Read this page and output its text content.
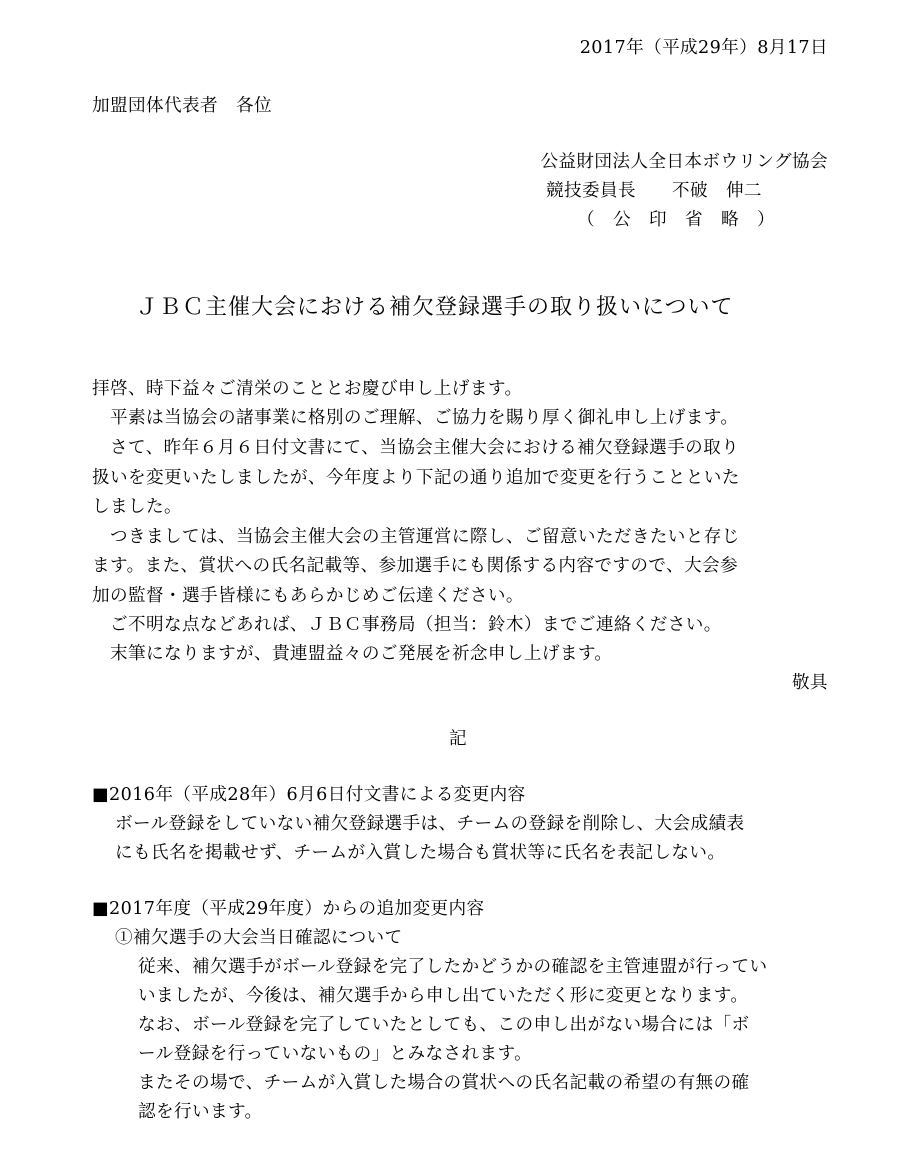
2017年（平成29年）8月17日
加盟団体代表者　各位
公益財団法人全日本ボウリング協会
競技委員長　　不破　伸二
（　公　印　省　略　）
ＪＢＣ主催大会における補欠登録選手の取り扱いについて
拝啓、時下益々ご清栄のこととお慶び申し上げます。
　平素は当協会の諸事業に格別のご理解、ご協力を賜り厚く御礼申し上げます。
　さて、昨年６月６日付文書にて、当協会主催大会における補欠登録選手の取り
扱いを変更いたしましたが、今年度より下記の通り追加で変更を行うことといた
しました。
　つきましては、当協会主催大会の主管運営に際し、ご留意いただきたいと存じ
ます。また、賞状への氏名記載等、参加選手にも関係する内容ですので、大会参
加の監督・選手皆様にもあらかじめご伝達ください。
　ご不明な点などあれば、ＪＢＣ事務局（担当：鈴木）までご連絡ください。
　末筆になりますが、貴連盟益々のご発展を祈念申し上げます。
敬具
記
■2016年（平成28年）6月6日付文書による変更内容
ボール登録をしていない補欠登録選手は、チームの登録を削除し、大会成績表
にも氏名を掲載せず、チームが入賞した場合も賞状等に氏名を表記しない。
■2017年度（平成29年度）からの追加変更内容
①補欠選手の大会当日確認について
従来、補欠選手がボール登録を完了したかどうかの確認を主管連盟が行ってい
いましたが、今後は、補欠選手から申し出ていただく形に変更となります。
なお、ボール登録を完了していたとしても、この申し出がない場合には「ボ
ール登録を行っていないもの」とみなされます。
またその場で、チームが入賞した場合の賞状への氏名記載の希望の有無の確
認を行います。
